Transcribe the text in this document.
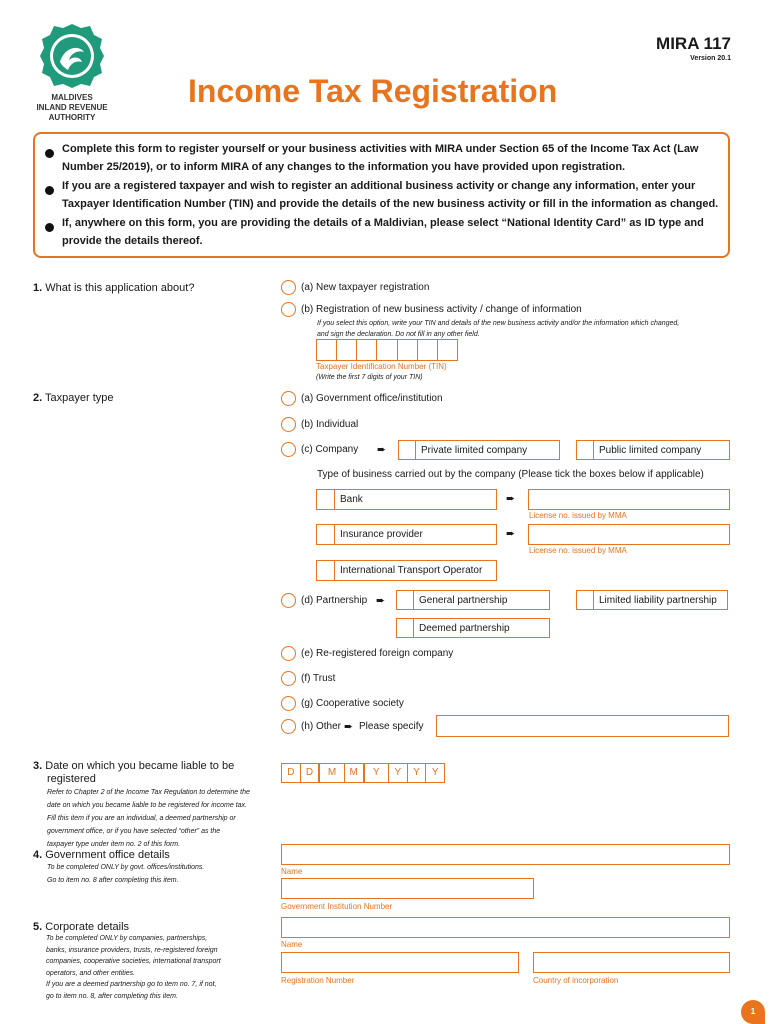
MALDIVES
INLAND REVENUE
AUTHORITY
MIRA 117
Version 20.1
Income Tax Registration
Complete this form to register yourself or your business activities with MIRA under Section 65 of the Income Tax Act (Law
Number 25/2019), or to inform MIRA of any changes to the information you have provided upon registration.
If you are a registered taxpayer and wish to register an additional business activity or change any information, enter your
Taxpayer Identification Number (TIN) and provide the details of the new business activity or fill in the information as changed.
If, anywhere on this form, you are providing the details of a Maldivian, please select “National Identity Card” as ID type and
provide the details thereof.
1. What is this application about?	(a) New taxpayer registration
(b) Registration of new business activity / change of information
If you select this option, write your TIN and details of the new business activity and/or the information which changed,
and sign the declaration. Do not fill in any other field.
Taxpayer Identification Number (TIN)
(Write the first 7 digits of your TIN)
2. Taxpayer type	(a) Government office/institution
(b) Individual
(c) Company ➨	Private limited company	Public limited company
Type of business carried out by the company (Please tick the boxes below if applicable)
Bank	➨
License no. issued by MMA
Insurance provider	➨
License no. issued by MMA
International Transport Operator
(d) Partnership ➨	General partnership	Limited liability partnership
Deemed partnership
(e) Re-registered foreign company
(f) Trust
(g) Cooperative society
(h) Other ➨ Please specify
3. Date on which you became liable to be
registered
D	D	M	M	Y	Y	Y	Y
Refer to Chapter 2 of the Income Tax Regulation to determine the
date on which you became liable to be registered for income tax.
Fill this item if you are an individual, a deemed partnership or
government office, or if you have selected “other” as the
taxpayer type under item no. 2 of this form.
4. Government office details
To be completed ONLY by govt. offices/institutions.
Go to item no. 8 after completing this item.
Name
Government Institution Number
5. Corporate details
To be completed ONLY by companies, partnerships,
banks, insurance providers, trusts, re-registered foreign
companies, cooperative societies, international transport
operators, and other entities.
If you are a deemed partnership go to item no. 7, if not,
go to item no. 8, after completing this item.
Name
Registration Number	Country of incorporation
1
